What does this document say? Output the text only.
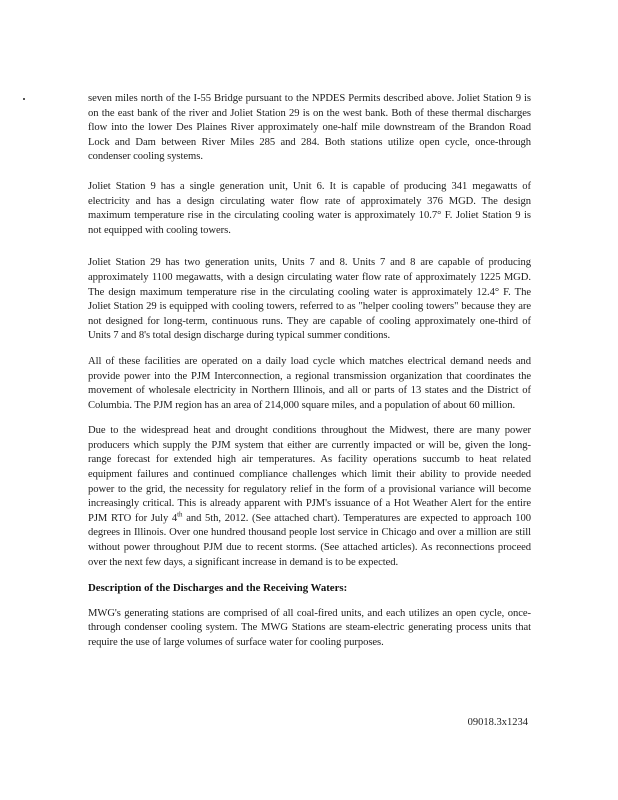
seven miles north of the I-55 Bridge pursuant to the NPDES Permits described above. Joliet Station 9 is on the east bank of the river and Joliet Station 29 is on the west bank. Both of these thermal discharges flow into the lower Des Plaines River approximately one-half mile downstream of the Brandon Road Lock and Dam between River Miles 285 and 284. Both stations utilize open cycle, once-through condenser cooling systems.

Joliet Station 9 has a single generation unit, Unit 6. It is capable of producing 341 megawatts of electricity and has a design circulating water flow rate of approximately 376 MGD. The design maximum temperature rise in the circulating cooling water is approximately 10.7° F. Joliet Station 9 is not equipped with cooling towers.

Joliet Station 29 has two generation units, Units 7 and 8. Units 7 and 8 are capable of producing approximately 1100 megawatts, with a design circulating water flow rate of approximately 1225 MGD. The design maximum temperature rise in the circulating cooling water is approximately 12.4° F. The Joliet Station 29 is equipped with cooling towers, referred to as "helper cooling towers" because they are not designed for long-term, continuous runs. They are capable of cooling approximately one-third of Units 7 and 8's total design discharge during typical summer conditions.

All of these facilities are operated on a daily load cycle which matches electrical demand needs and provide power into the PJM Interconnection, a regional transmission organization that coordinates the movement of wholesale electricity in Northern Illinois, and all or parts of 13 states and the District of Columbia. The PJM region has an area of 214,000 square miles, and a population of about 60 million.

Due to the widespread heat and drought conditions throughout the Midwest, there are many power producers which supply the PJM system that either are currently impacted or will be, given the long-range forecast for extended high air temperatures. As facility operations succumb to heat related equipment failures and continued compliance challenges which limit their ability to provide needed power to the grid, the necessity for regulatory relief in the form of a provisional variance will become increasingly critical. This is already apparent with PJM's issuance of a Hot Weather Alert for the entire PJM RTO for July 4th and 5th, 2012. (See attached chart). Temperatures are expected to approach 100 degrees in Illinois. Over one hundred thousand people lost service in Chicago and over a million are still without power throughout PJM due to recent storms. (See attached articles). As reconnections proceed over the next few days, a significant increase in demand is to be expected.

Description of the Discharges and the Receiving Waters:

MWG's generating stations are comprised of all coal-fired units, and each utilizes an open cycle, once-through condenser cooling system. The MWG Stations are steam-electric generating process units that require the use of large volumes of surface water for cooling purposes.

09018.3x1234
